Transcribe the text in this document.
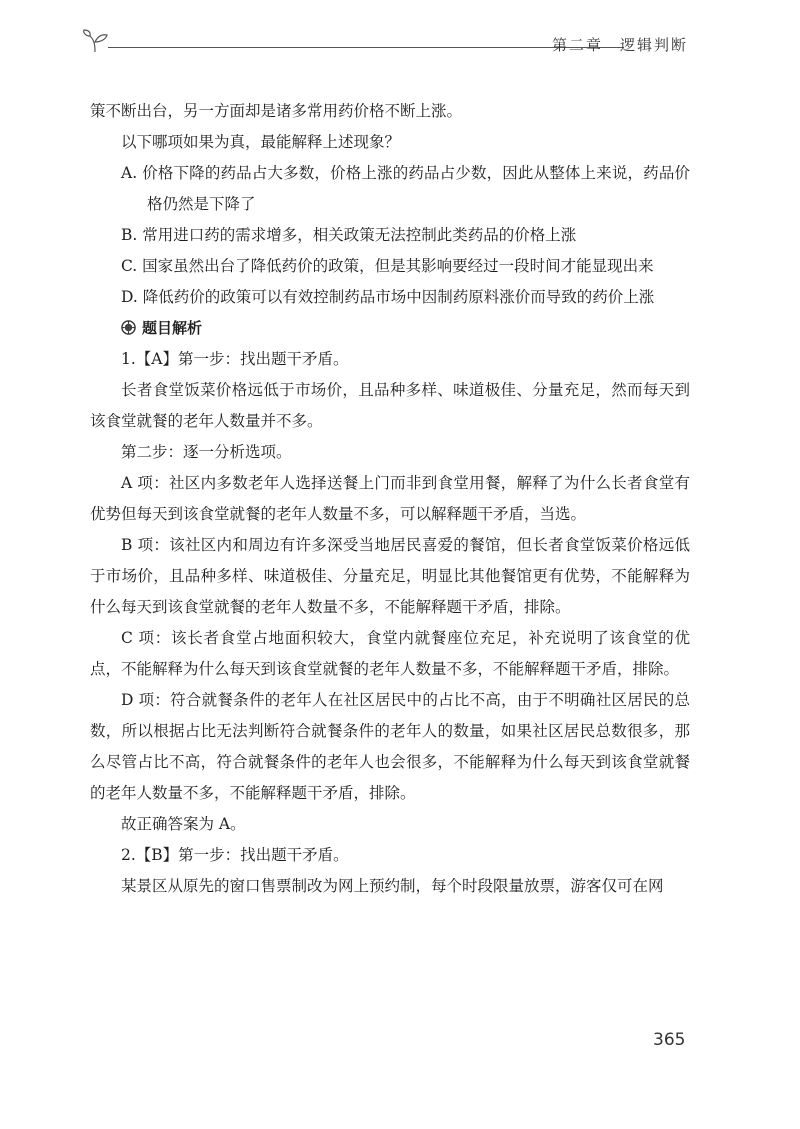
第二章　逻辑判断

策不断出台，另一方面却是诸多常用药价格不断上涨。

以下哪项如果为真，最能解释上述现象？

A. 价格下降的药品占大多数，价格上涨的药品占少数，因此从整体上来说，药品价格仍然是下降了

B. 常用进口药的需求增多，相关政策无法控制此类药品的价格上涨

C. 国家虽然出台了降低药价的政策，但是其影响要经过一段时间才能显现出来

D. 降低药价的政策可以有效控制药品市场中因制药原料涨价而导致的药价上涨

题目解析

1.【A】第一步：找出题干矛盾。

长者食堂饭菜价格远低于市场价，且品种多样、味道极佳、分量充足，然而每天到该食堂就餐的老年人数量并不多。

第二步：逐一分析选项。

A 项：社区内多数老年人选择送餐上门而非到食堂用餐，解释了为什么长者食堂有优势但每天到该食堂就餐的老年人数量不多，可以解释题干矛盾，当选。

B 项：该社区内和周边有许多深受当地居民喜爱的餐馆，但长者食堂饭菜价格远低于市场价，且品种多样、味道极佳、分量充足，明显比其他餐馆更有优势，不能解释为什么每天到该食堂就餐的老年人数量不多，不能解释题干矛盾，排除。

C 项：该长者食堂占地面积较大，食堂内就餐座位充足，补充说明了该食堂的优点，不能解释为什么每天到该食堂就餐的老年人数量不多，不能解释题干矛盾，排除。

D 项：符合就餐条件的老年人在社区居民中的占比不高，由于不明确社区居民的总数，所以根据占比无法判断符合就餐条件的老年人的数量，如果社区居民总数很多，那么尽管占比不高，符合就餐条件的老年人也会很多，不能解释为什么每天到该食堂就餐的老年人数量不多，不能解释题干矛盾，排除。

故正确答案为 A。

2.【B】第一步：找出题干矛盾。

某景区从原先的窗口售票制改为网上预约制，每个时段限量放票，游客仅可在网

365
